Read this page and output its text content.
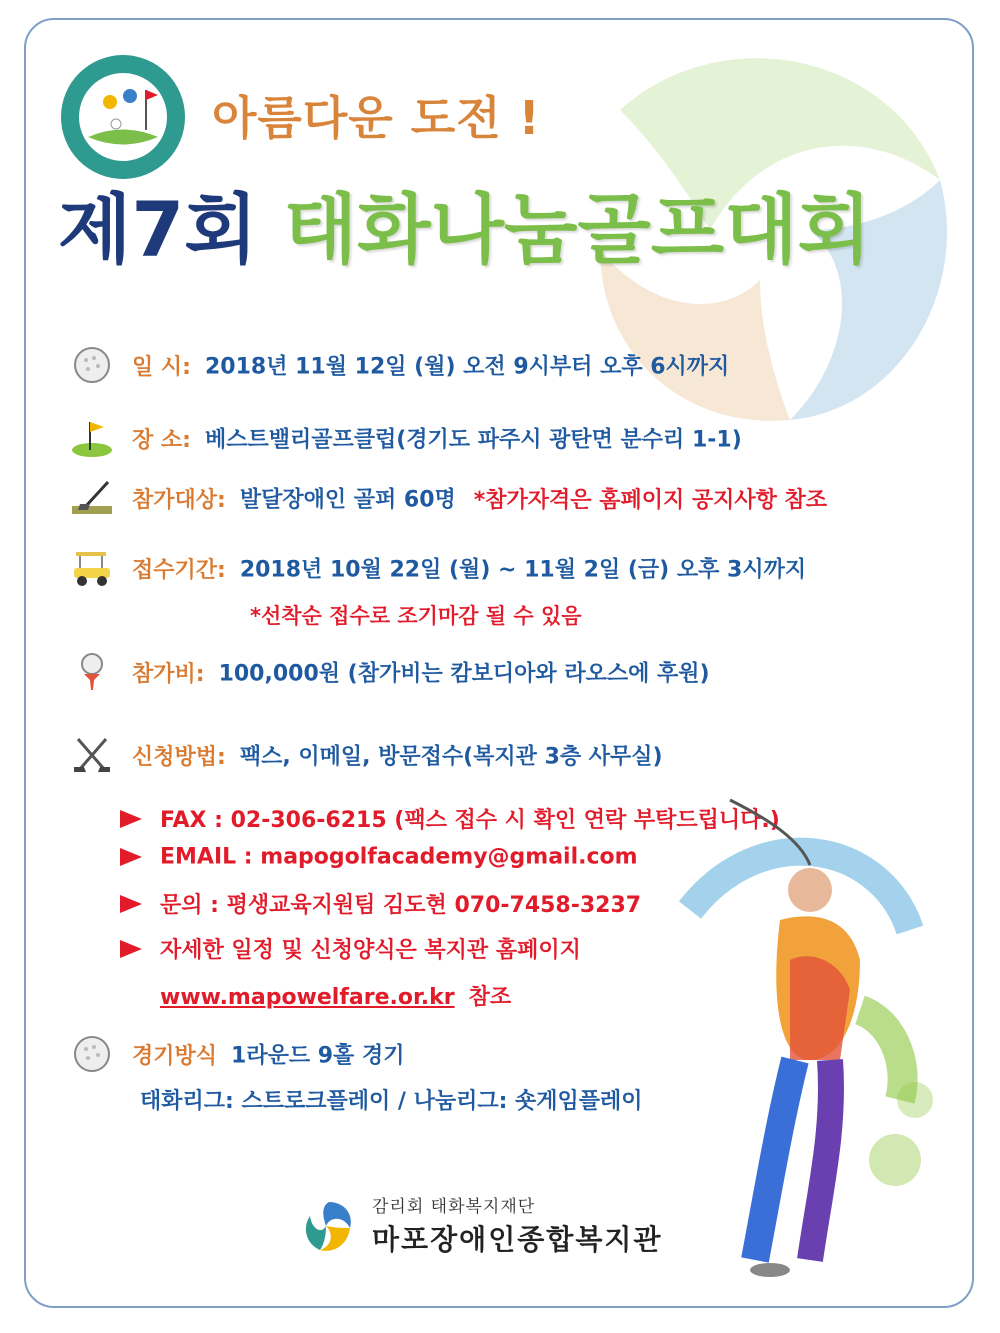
아름다운 도전 !
제7회 태화나눔골프대회
일 시: 2018년 11월 12일 (월) 오전 9시부터 오후 6시까지
장 소: 베스트밸리골프클럽(경기도 파주시 광탄면 분수리 1-1)
참가대상: 발달장애인 골퍼 60명 *참가자격은 홈페이지 공지사항 참조
접수기간: 2018년 10월 22일 (월) ~ 11월 2일 (금) 오후 3시까지
*선착순 접수로 조기마감 될 수 있음
참가비: 100,000원 (참가비는 캄보디아와 라오스에 후원)
신청방법: 팩스, 이메일, 방문접수(복지관 3층 사무실)
FAX : 02-306-6215 (팩스 접수 시 확인 연락 부탁드립니다.)
EMAIL : mapogolfacademy@gmail.com
문의 : 평생교육지원팀 김도현 070-7458-3237
자세한 일정 및 신청양식은 복지관 홈페이지
www.mapowelfare.or.kr 참조
경기방식 1라운드 9홀 경기
태화리그: 스트로크플레이 / 나눔리그: 숏게임플레이
감리회 태화복지재단
마포장애인종합복지관
